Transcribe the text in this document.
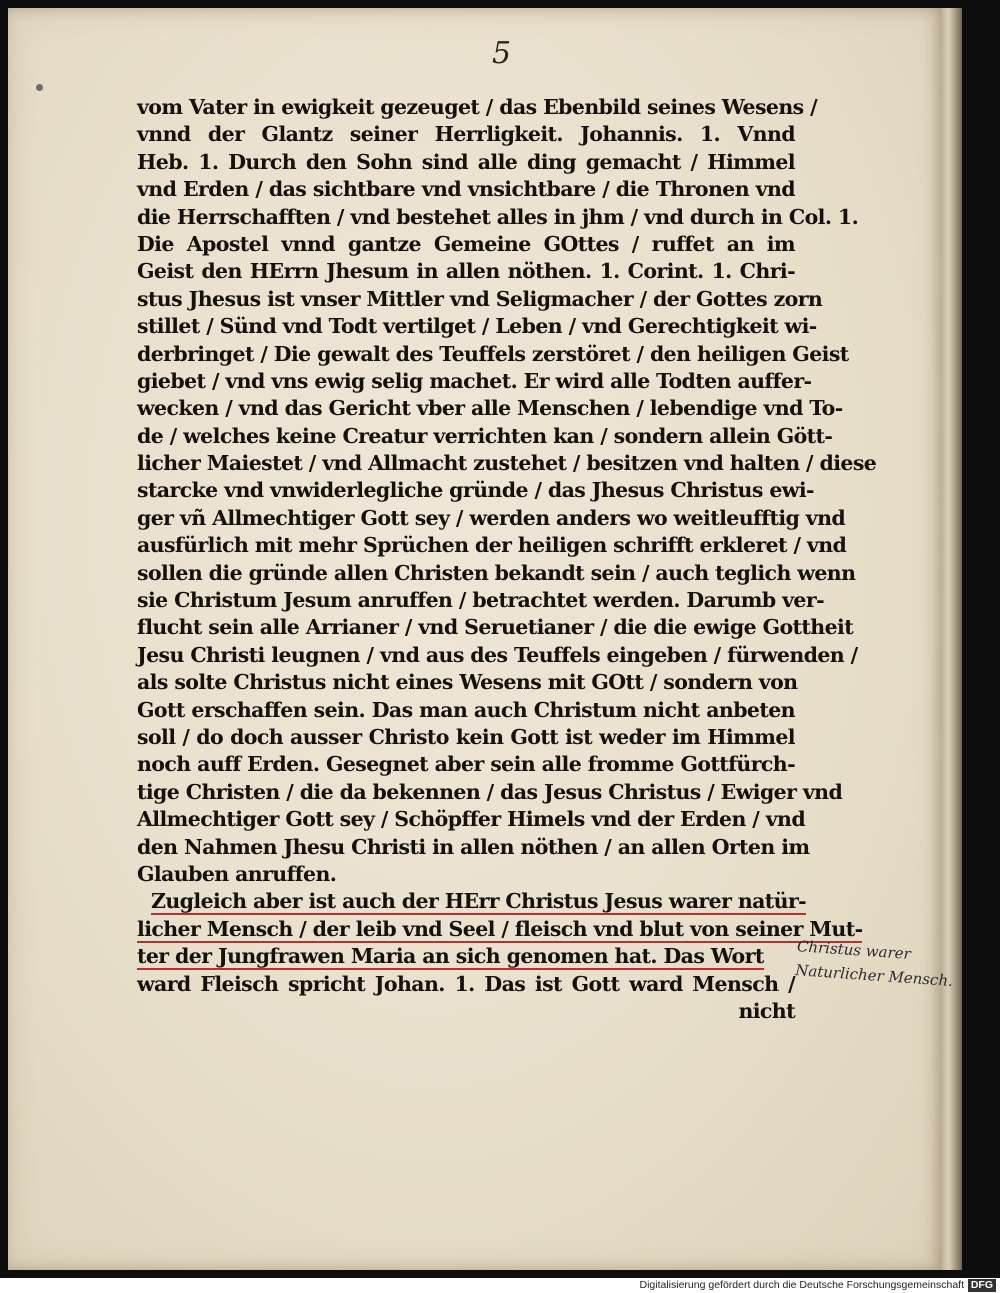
5
vom Vater in ewigkeit gezeuget / das Ebenbild seines Wesens /
vnnd der Glantz seiner Herrligkeit. Johannis. 1. Vnnd
Heb. 1. Durch den Sohn sind alle ding gemacht / Himmel
vnd Erden / das sichtbare vnd vnsichtbare / die Thronen vnd
die Herrschafften / vnd bestehet alles in jhm / vnd durch in Col. 1.
Die Apostel vnnd gantze Gemeine GOttes / ruffet an im
Geist den HErrn Jhesum in allen nöthen. 1. Corint. 1. Chri-
stus Jhesus ist vnser Mittler vnd Seligmacher / der Gottes zorn
stillet / Sünd vnd Todt vertilget / Leben / vnd Gerechtigkeit wi-
derbringet / Die gewalt des Teuffels zerstöret / den heiligen Geist
giebet / vnd vns ewig selig machet. Er wird alle Todten auffer-
wecken / vnd das Gericht vber alle Menschen / lebendige vnd To-
de / welches keine Creatur verrichten kan / sondern allein Gött-
licher Maiestet / vnd Allmacht zustehet / besitzen vnd halten / diese
starcke vnd vnwiderlegliche gründe / das Jhesus Christus ewi-
ger vñ Allmechtiger Gott sey / werden anders wo weitleufftig vnd
ausfürlich mit mehr Sprüchen der heiligen schrifft erkleret / vnd
sollen die gründe allen Christen bekandt sein / auch teglich wenn
sie Christum Jesum anruffen / betrachtet werden. Darumb ver-
flucht sein alle Arrianer / vnd Seruetianer / die die ewige Gottheit
Jesu Christi leugnen / vnd aus des Teuffels eingeben / fürwenden /
als solte Christus nicht eines Wesens mit GOtt / sondern von
Gott erschaffen sein. Das man auch Christum nicht anbeten
soll / do doch ausser Christo kein Gott ist weder im Himmel
noch auff Erden. Gesegnet aber sein alle fromme Gottfürch-
tige Christen / die da bekennen / das Jesus Christus / Ewiger vnd
Allmechtiger Gott sey / Schöpffer Himels vnd der Erden / vnd
den Nahmen Jhesu Christi in allen nöthen / an allen Orten im
Glauben anruffen.
Zugleich aber ist auch der HErr Christus Jesus warer natür-
licher Mensch / der leib vnd Seel / fleisch vnd blut von seiner Mut-
ter der Jungfrawen Maria an sich genomen hat. Das Wort
ward Fleisch spricht Johan. 1. Das ist Gott ward Mensch /
nicht
Christus warer
Naturlicher Mensch.
Digitalisierung gefördert durch die Deutsche Forschungsgemeinschaft DFG
